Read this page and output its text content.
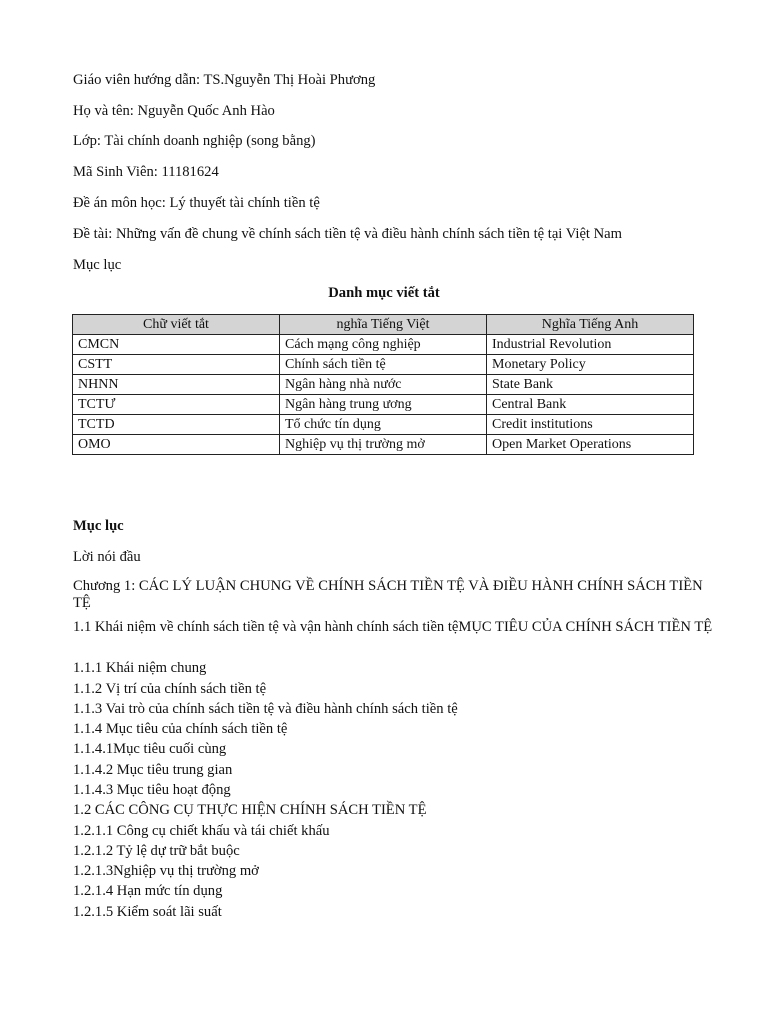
Giáo viên hướng dẫn: TS.Nguyễn Thị Hoài Phương
Họ và tên: Nguyễn Quốc Anh Hào
Lớp: Tài chính doanh nghiệp (song bằng)
Mã Sinh Viên: 11181624
Đề án môn học: Lý thuyết tài chính tiền tệ
Đề tài: Những vấn đề chung về chính sách tiền tệ và điều hành chính sách tiền tệ tại Việt Nam
Mục lục
Danh mục viết tắt
Chữ viết tắt	nghĩa Tiếng Việt	Nghĩa Tiếng Anh
CMCN	Cách mạng công nghiệp	Industrial Revolution
CSTT	Chính sách tiền tệ	Monetary Policy
NHNN	Ngân hàng nhà nước	State Bank
TCTƯ	Ngân hàng trung ương	Central Bank
TCTD	Tổ chức tín dụng	Credit institutions
OMO	Nghiệp vụ thị trường mở	Open Market Operations
Mục lục
Lời nói đầu
Chương 1: CÁC LÝ LUẬN CHUNG VỀ CHÍNH SÁCH TIỀN TỆ VÀ ĐIỀU HÀNH CHÍNH SÁCH TIỀN TỆ
1.1 Khái niệm về chính sách tiền tệ và vận hành chính sách tiền tệMỤC TIÊU CỦA CHÍNH SÁCH TIỀN TỆ
1.1.1 Khái niệm chung
1.1.2 Vị trí của chính sách tiền tệ
1.1.3 Vai trò của chính sách tiền tệ và điều hành chính sách tiền tệ
1.1.4 Mục tiêu của chính sách tiền tệ
1.1.4.1Mục tiêu cuối cùng
1.1.4.2 Mục tiêu trung gian
1.1.4.3 Mục tiêu hoạt động
1.2 CÁC CÔNG CỤ THỰC HIỆN CHÍNH SÁCH TIỀN TỆ
1.2.1.1 Công cụ chiết khấu và tái chiết khấu
1.2.1.2 Tỷ lệ dự trữ bắt buộc
1.2.1.3Nghiệp vụ thị trường mở
1.2.1.4 Hạn mức tín dụng
1.2.1.5 Kiểm soát lãi suất
